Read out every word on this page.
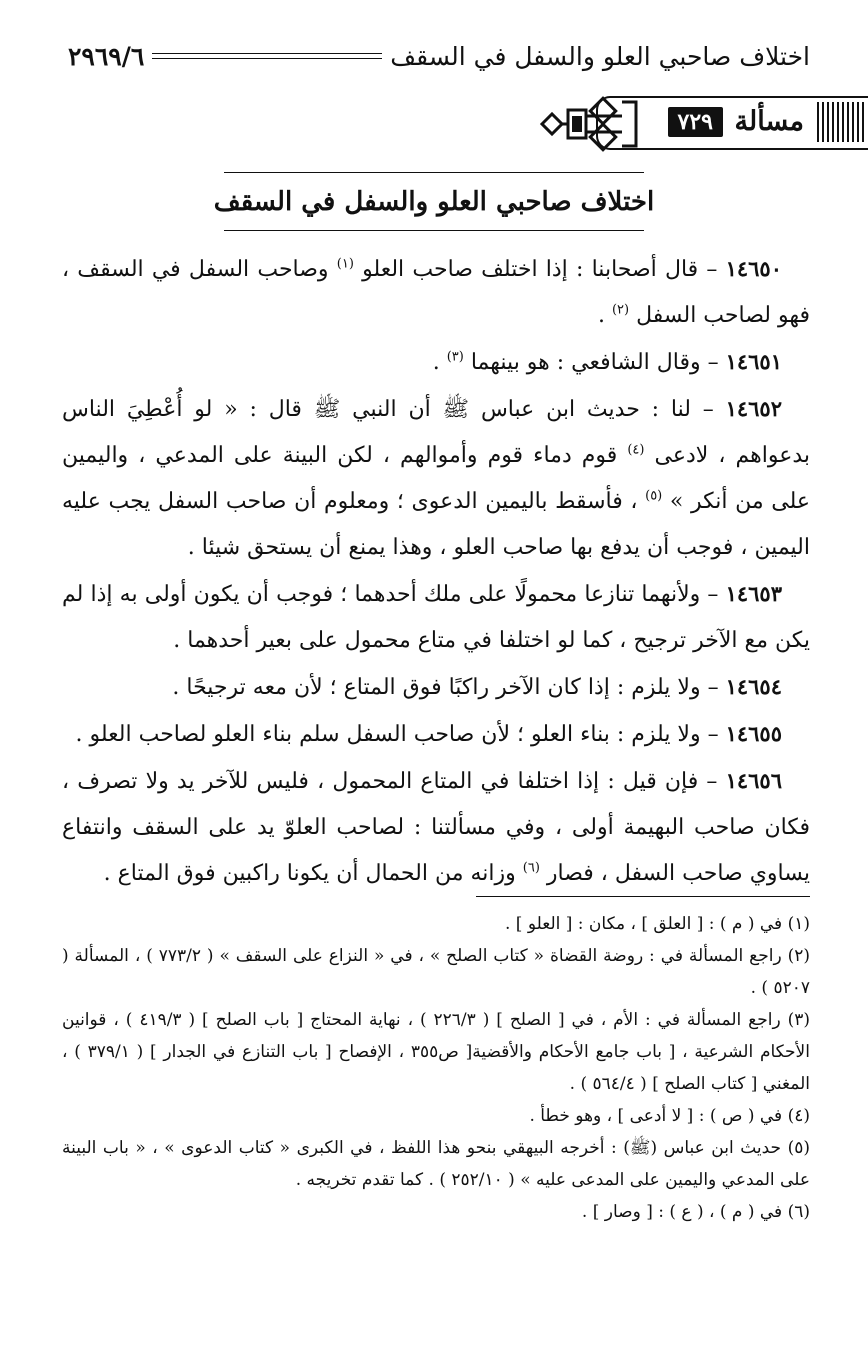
اختلاف صاحبي العلو والسفل في السقف
٢٩٦٩/٦
مسألة
٧٢٩
اختلاف صاحبي العلو والسفل في السقف

١٤٦٥٠ – قال أصحابنا : إذا اختلف صاحب العلو $^{(١)}$ وصاحب السفل في السقف ، فهو لصاحب السفل $^{(٢)}$ .

١٤٦٥١ – وقال الشافعي : هو بينهما $^{(٣)}$ .

١٤٦٥٢ – لنا : حديث ابن عباس ﷺ أن النبي ﷺ قال : « لو أُعْطِيَ الناس بدعواهم ، لادعى $^{(٤)}$ قوم دماء قوم وأموالهم ، لكن البينة على المدعي ، واليمين على من أنكر » $^{(٥)}$ ، فأسقط باليمين الدعوى ؛ ومعلوم أن صاحب السفل يجب عليه اليمين ، فوجب أن يدفع بها صاحب العلو ، وهذا يمنع أن يستحق شيئا .

١٤٦٥٣ – ولأنهما تنازعا محمولًا على ملك أحدهما ؛ فوجب أن يكون أولى به إذا لم يكن مع الآخر ترجيح ، كما لو اختلفا في متاع محمول على بعير أحدهما .

١٤٦٥٤ – ولا يلزم : إذا كان الآخر راكبًا فوق المتاع ؛ لأن معه ترجيحًا .

١٤٦٥٥ – ولا يلزم : بناء العلو ؛ لأن صاحب السفل سلم بناء العلو لصاحب العلو .

١٤٦٥٦ – فإن قيل : إذا اختلفا في المتاع المحمول ، فليس للآخر يد ولا تصرف ، فكان صاحب البهيمة أولى ، وفي مسألتنا : لصاحب العلوّ يد على السقف وانتفاع يساوي صاحب السفل ، فصار $^{(٦)}$ وزانه من الحمال أن يكونا راكبين فوق المتاع .

(١) في ( م ) : [ العلق ] ، مكان : [ العلو ] .

(٢) راجع المسألة في : روضة القضاة « كتاب الصلح » ، في « النزاع على السقف » ( ٧٧٣/٢ ) ، المسألة ( ٥٢٠٧ ) .

(٣) راجع المسألة في : الأم ، في [ الصلح ] ( ٢٢٦/٣ ) ، نهاية المحتاج [ باب الصلح ] ( ٤١٩/٣ ) ، قوانين الأحكام الشرعية ، [ باب جامع الأحكام والأقضية[ ص٣٥٥ ، الإفصاح [ باب التنازع في الجدار ] ( ٣٧٩/١ ) ، المغني [ كتاب الصلح ] ( ٥٦٤/٤ ) .

(٤) في ( ص ) : [ لا أدعى ] ، وهو خطأ .

(٥) حديث ابن عباس (ﷺ) : أخرجه البيهقي بنحو هذا اللفظ ، في الكبرى « كتاب الدعوى » ، « باب البينة على المدعي واليمين على المدعى عليه » ( ٢٥٢/١٠ ) . كما تقدم تخريجه .

(٦) في ( م ) ، ( ع ) : [ وصار ] .
